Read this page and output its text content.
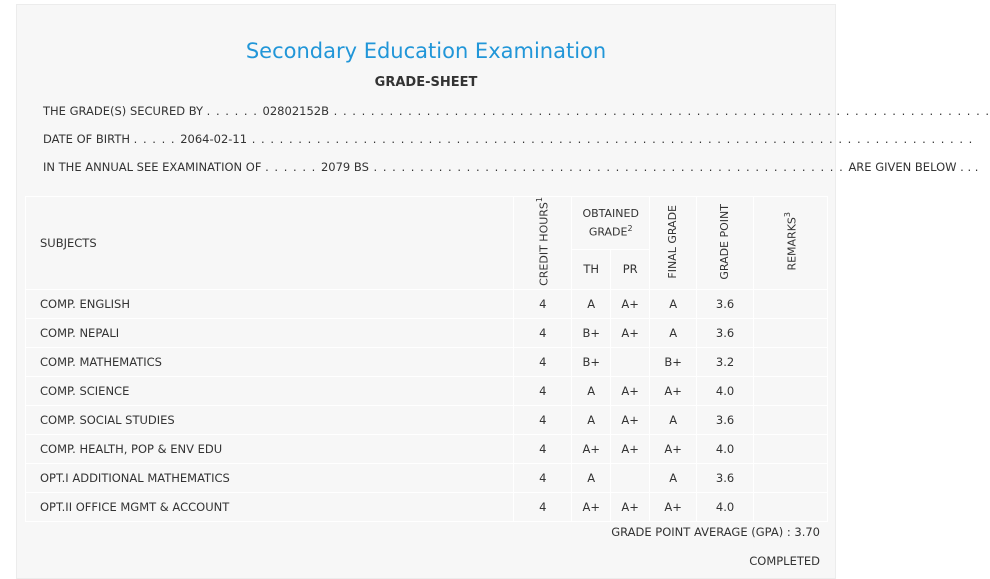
Secondary Education Examination
GRADE-SHEET
THE GRADE(S) SECURED BY . . . . . . 02802152B . . . . . . . . . . . . . . . . . . . . . . . . . . . . . . . . . . . . . . . . . . . . . . . . . . . . . . . . . . . . . . . . . . . . . . .
DATE OF BIRTH . . . . . 2064-02-11 . . . . . . . . . . . . . . . . . . . . . . . . . . . . . . . . . . . . . . . . . . . . . . . . . . . . . . . . . . . . . . . . . . . . . . . . . . . . . .
IN THE ANNUAL SEE EXAMINATION OF . . . . . . 2079 BS . . . . . . . . . . . . . . . . . . . . . . . . . . . . . . . . . . . . . . . . . . . . . . . . . . . ARE GIVEN BELOW . . .
SUBJECTS	CREDIT HOURS$^1$	OBTAINED GRADE$^2$		FINAL GRADE	GRADE POINT	REMARKS$^3$
		TH	PR			
COMP. ENGLISH	4	A	A+	A	3.6	
COMP. NEPALI	4	B+	A+	A	3.6	
COMP. MATHEMATICS	4	B+		B+	3.2	
COMP. SCIENCE	4	A	A+	A+	4.0	
COMP. SOCIAL STUDIES	4	A	A+	A	3.6	
COMP. HEALTH, POP & ENV EDU	4	A+	A+	A+	4.0	
OPT.I ADDITIONAL MATHEMATICS	4	A		A	3.6	
OPT.II OFFICE MGMT & ACCOUNT	4	A+	A+	A+	4.0	
GRADE POINT AVERAGE (GPA) : 3.70
COMPLETED
